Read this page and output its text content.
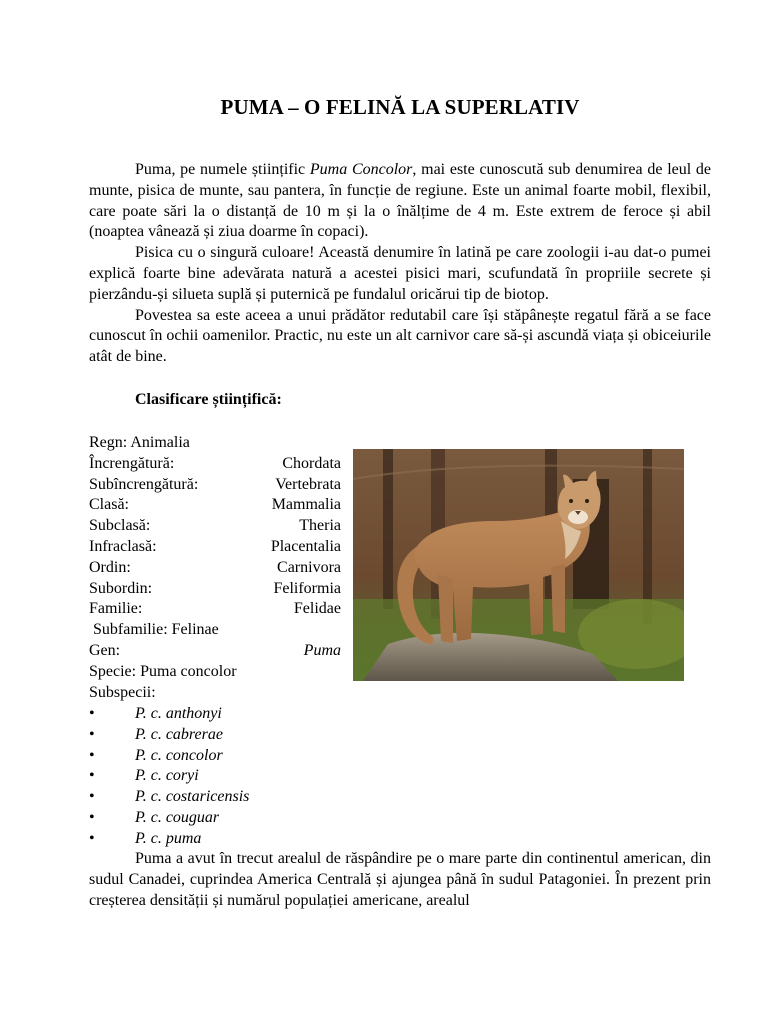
PUMA – O FELINĂ LA SUPERLATIV

Puma, pe numele științific Puma Concolor, mai este cunoscută sub denumirea de leul de munte, pisica de munte, sau pantera, în funcție de regiune. Este un animal foarte mobil, flexibil, care poate sări la o distanță de 10 m și la o înălțime de 4 m. Este extrem de feroce și abil (noaptea vânează și ziua doarme în copaci).

Pisica cu o singură culoare! Această denumire în latină pe care zoologii i-au dat-o pumei explică foarte bine adevărata natură a acestei pisici mari, scufundată în propriile secrete și pierzându-și silueta suplă și puternică pe fundalul oricărui tip de biotop.

Povestea sa este aceea a unui prădător redutabil care își stăpânește regatul fără a se face cunoscut în ochii oamenilor. Practic, nu este un alt carnivor care să-și ascundă viața și obiceiurile atât de bine.

Clasificare științifică:
Regn: Animalia
Încrengătură:	Chordata
Subîncrengătură:	Vertebrata
Clasă:	Mammalia
Subclasă:	Theria
Infraclasă:	Placentalia
Ordin:	Carnivora
Subordin:	Feliformia
Familie:	Felidae
Subfamilie: Felinae
Gen:	Puma
Specie: Puma concolor
Subspecii:
•	P. c. anthonyi
•	P. c. cabrerae
•	P. c. concolor
•	P. c. coryi
•	P. c. costaricensis
•	P. c. couguar
•	P. c. puma

Puma a avut în trecut arealul de răspândire pe o mare parte din continentul american, din sudul Canadei, cuprindea America Centrală și ajungea până în sudul Patagoniei. În prezent prin creșterea densității și numărul populației americane, arealul
